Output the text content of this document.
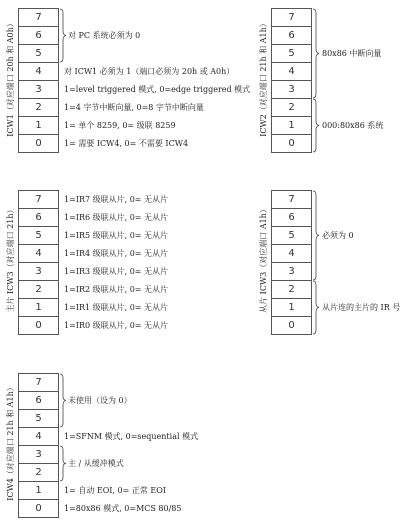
ICW1（对应端口 20h 和 A0h）
7
6
5
4
3
2
1
0
对 PC 系统必须为 0
对 ICW1 必须为 1（端口必须为 20h 或 A0h）
1=level triggered 模式, 0=edge triggered 模式
1=4 字节中断向量, 0=8 字节中断向量
1= 单个 8259, 0= 级联 8259
1= 需要 ICW4, 0= 不需要 ICW4
ICW2（对应端口 21h 和 A1h）
7
6
5
4
3
2
1
0
80x86 中断向量
000:80x86 系统
主片 ICW3（对应端口 21h）
7
6
5
4
3
2
1
0
1=IR7 级联从片, 0= 无从片
1=IR6 级联从片, 0= 无从片
1=IR5 级联从片, 0= 无从片
1=IR4 级联从片, 0= 无从片
1=IR3 级联从片, 0= 无从片
1=IR2 级联从片, 0= 无从片
1=IR1 级联从片, 0= 无从片
1=IR0 级联从片, 0= 无从片
从片 ICW3（对应端口 A1h）
7
6
5
4
3
2
1
0
必须为 0
从片连的主片的 IR 号
ICW4（对应端口 21h 和 A1h）
7
6
5
4
3
2
1
0
未使用（设为 0）
1=SFNM 模式, 0=sequential 模式
主 / 从缓冲模式
1= 自动 EOI, 0= 正常 EOI
1=80x86 模式, 0=MCS 80/85
